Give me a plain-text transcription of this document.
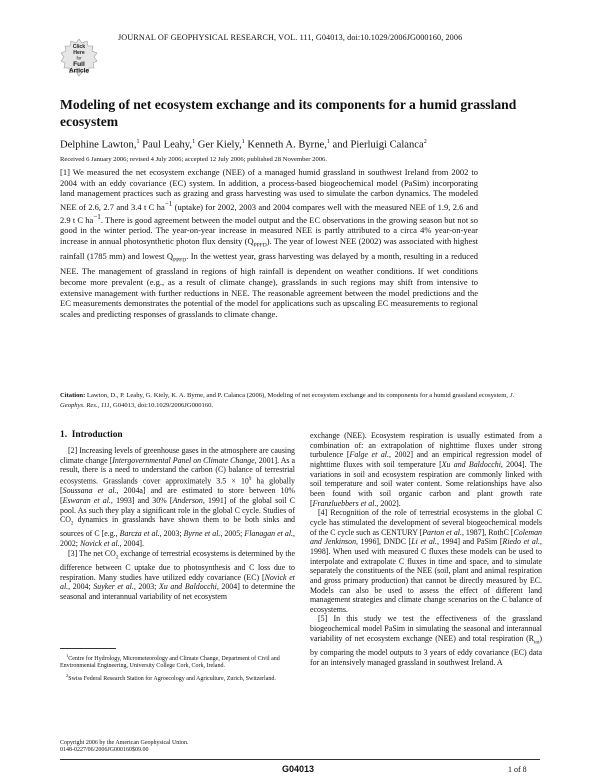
JOURNAL OF GEOPHYSICAL RESEARCH, VOL. 111, G04013, doi:10.1029/2006JG000160, 2006
Click
Here
for
Full
Article
Modeling of net ecosystem exchange and its components for a humid grassland ecosystem
Delphine Lawton,$^1$ Paul Leahy,$^1$ Ger Kiely,$^1$ Kenneth A. Byrne,$^1$ and Pierluigi Calanca$^2$
Received 6 January 2006; revised 4 July 2006; accepted 12 July 2006; published 28 November 2006.
[1] We measured the net ecosystem exchange (NEE) of a managed humid grassland in southwest Ireland from 2002 to 2004 with an eddy covariance (EC) system. In addition, a process-based biogeochemical model (PaSim) incorporating land management practices such as grazing and grass harvesting was used to simulate the carbon dynamics. The modeled NEE of 2.6, 2.7 and 3.4 t C $ha^{-1}$ (uptake) for 2002, 2003 and 2004 compares well with the measured NEE of 1.9, 2.6 and 2.9 t C $ha^{-1}$. There is good agreement between the model output and the EC observations in the growing season but not so good in the winter period. The year-on-year increase in measured NEE is partly attributed to a circa 4% year-on-year increase in annual photosynthetic photon flux density $(Q_{PPFD})$. The year of lowest NEE (2002) was associated with highest rainfall (1785 mm) and lowest $Q_{PPFD}$. In the wettest year, grass harvesting was delayed by a month, resulting in a reduced NEE. The management of grassland in regions of high rainfall is dependent on weather conditions. If wet conditions become more prevalent (e.g., as a result of climate change), grasslands in such regions may shift from intensive to extensive management with further reductions in NEE. The reasonable agreement between the model predictions and the EC measurements demonstrates the potential of the model for applications such as upscaling EC measurements to regional scales and predicting responses of grasslands to climate change.
Citation: Lawton, D., P. Leahy, G. Kiely, K. A. Byrne, and P. Calanca (2006), Modeling of net ecosystem exchange and its components for a humid grassland ecosystem, J. Geophys. Res., 111, G04013, doi:10.1029/2006JG000160.
1. Introduction

[2] Increasing levels of greenhouse gases in the atmosphere are causing climate change [Intergovernmental Panel on Climate Change, 2001]. As a result, there is a need to understand the carbon (C) balance of terrestrial ecosystems. Grasslands cover approximately $3.5 \times 10^9$ ha globally [Soussana et al., 2004a] and are estimated to store between 10% [Eswaran et al., 1993] and 30% [Anderson, 1991] of the global soil C pool. As such they play a significant role in the global C cycle. Studies of $CO_2$ dynamics in grasslands have shown them to be both sinks and sources of C [e.g., Barcza et al., 2003; Byrne et al., 2005; Flanagan et al., 2002; Novick et al., 2004].

[3] The net $CO_2$ exchange of terrestrial ecosystems is determined by the difference between C uptake due to photosynthesis and C loss due to respiration. Many studies have utilized eddy covariance (EC) [Novick et al., 2004; Suyker et al., 2003; Xu and Baldocchi, 2004] to determine the seasonal and interannual variability of net ecosystem

$^1$Centre for Hydrology, Micrometeorology and Climate Change, Department of Civil and Environmental Engineering, University College Cork, Cork, Ireland.

$^2$Swiss Federal Research Station for Agroecology and Agriculture, Zurich, Switzerland.

Copyright 2006 by the American Geophysical Union.
0148-0227/06/2006JG000160$09.00

exchange (NEE). Ecosystem respiration is usually estimated from a combination of: an extrapolation of nighttime fluxes under strong turbulence [Falge et al., 2002] and an empirical regression model of nighttime fluxes with soil temperature [Xu and Baldocchi, 2004]. The variations in soil and ecosystem respiration are commonly linked with soil temperature and soil water content. Some relationships have also been found with soil organic carbon and plant growth rate [Franzluebbers et al., 2002].

[4] Recognition of the role of terrestrial ecosystems in the global C cycle has stimulated the development of several biogeochemical models of the C cycle such as CENTURY [Parton et al., 1987], RothC [Coleman and Jenkinson, 1996], DNDC [Li et al., 1994] and PaSim [Riedo et al., 1998]. When used with measured C fluxes these models can be used to interpolate and extrapolate C fluxes in time and space, and to simulate separately the constituents of the NEE (soil, plant and animal respiration and gross primary production) that cannot be directly measured by EC. Models can also be used to assess the effect of different land management strategies and climate change scenarios on the C balance of ecosystems.

[5] In this study we test the effectiveness of the grassland biogeochemical model PaSim in simulating the seasonal and interannual variability of net ecosystem exchange (NEE) and total respiration $(R_{tot})$ by comparing the model outputs to 3 years of eddy covariance (EC) data for an intensively managed grassland in southwest Ireland. A

G04013	1 of 8
